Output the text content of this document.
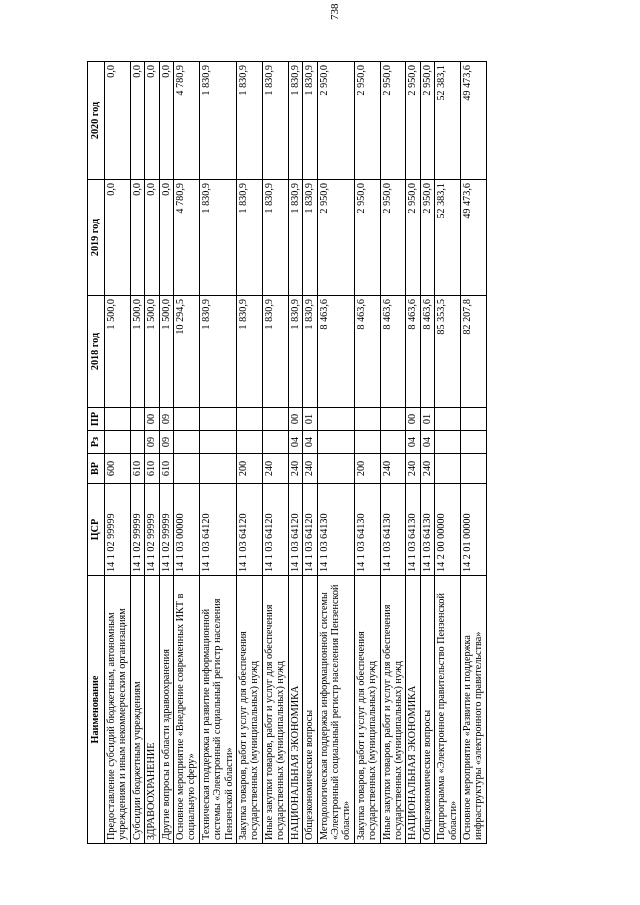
738
Наименование	ЦСР	ВР	Рз	ПР	2018 год	2019 год	2020 год
Предоставление субсидий бюджетным, автономным учреждениям и иным некоммерческим организациям	14 1 02 99999	600			1 500,0	0,0	0,0
Субсидии бюджетным учреждениям	14 1 02 99999	610			1 500,0	0,0	0,0
ЗДРАВООХРАНЕНИЕ	14 1 02 99999	610	09	00	1 500,0	0,0	0,0
Другие вопросы в области здравоохранения	14 1 02 99999	610	09	09	1 500,0	0,0	0,0
Основное мероприятие «Внедрение современных ИКТ в социальную сферу»	14 1 03 00000				10 294,5	4 780,9	4 780,9
Техническая поддержка и развитие информационной системы «Электронный социальный регистр населения Пензенской области»	14 1 03 64120				1 830,9	1 830,9	1 830,9
Закупка товаров, работ и услуг для обеспечения государственных (муниципальных) нужд	14 1 03 64120	200			1 830,9	1 830,9	1 830,9
Иные закупки товаров, работ и услуг для обеспечения государственных (муниципальных) нужд	14 1 03 64120	240			1 830,9	1 830,9	1 830,9
НАЦИОНАЛЬНАЯ ЭКОНОМИКА	14 1 03 64120	240	04	00	1 830,9	1 830,9	1 830,9
Общеэкономические вопросы	14 1 03 64120	240	04	01	1 830,9	1 830,9	1 830,9
Методологическая поддержка информационной системы «Электронный социальный регистр населения Пензенской области»	14 1 03 64130				8 463,6	2 950,0	2 950,0
Закупка товаров, работ и услуг для обеспечения государственных (муниципальных) нужд	14 1 03 64130	200			8 463,6	2 950,0	2 950,0
Иные закупки товаров, работ и услуг для обеспечения государственных (муниципальных) нужд	14 1 03 64130	240			8 463,6	2 950,0	2 950,0
НАЦИОНАЛЬНАЯ ЭКОНОМИКА	14 1 03 64130	240	04	00	8 463,6	2 950,0	2 950,0
Общеэкономические вопросы	14 1 03 64130	240	04	01	8 463,6	2 950,0	2 950,0
Подпрограмма «Электронное правительство Пензенской области»	14 2 00 00000				85 353,5	52 383,1	52 383,1
Основное мероприятие «Развитие и поддержка инфраструктуры «электронного правительства»	14 2 01 00000				82 207,8	49 473,6	49 473,6
